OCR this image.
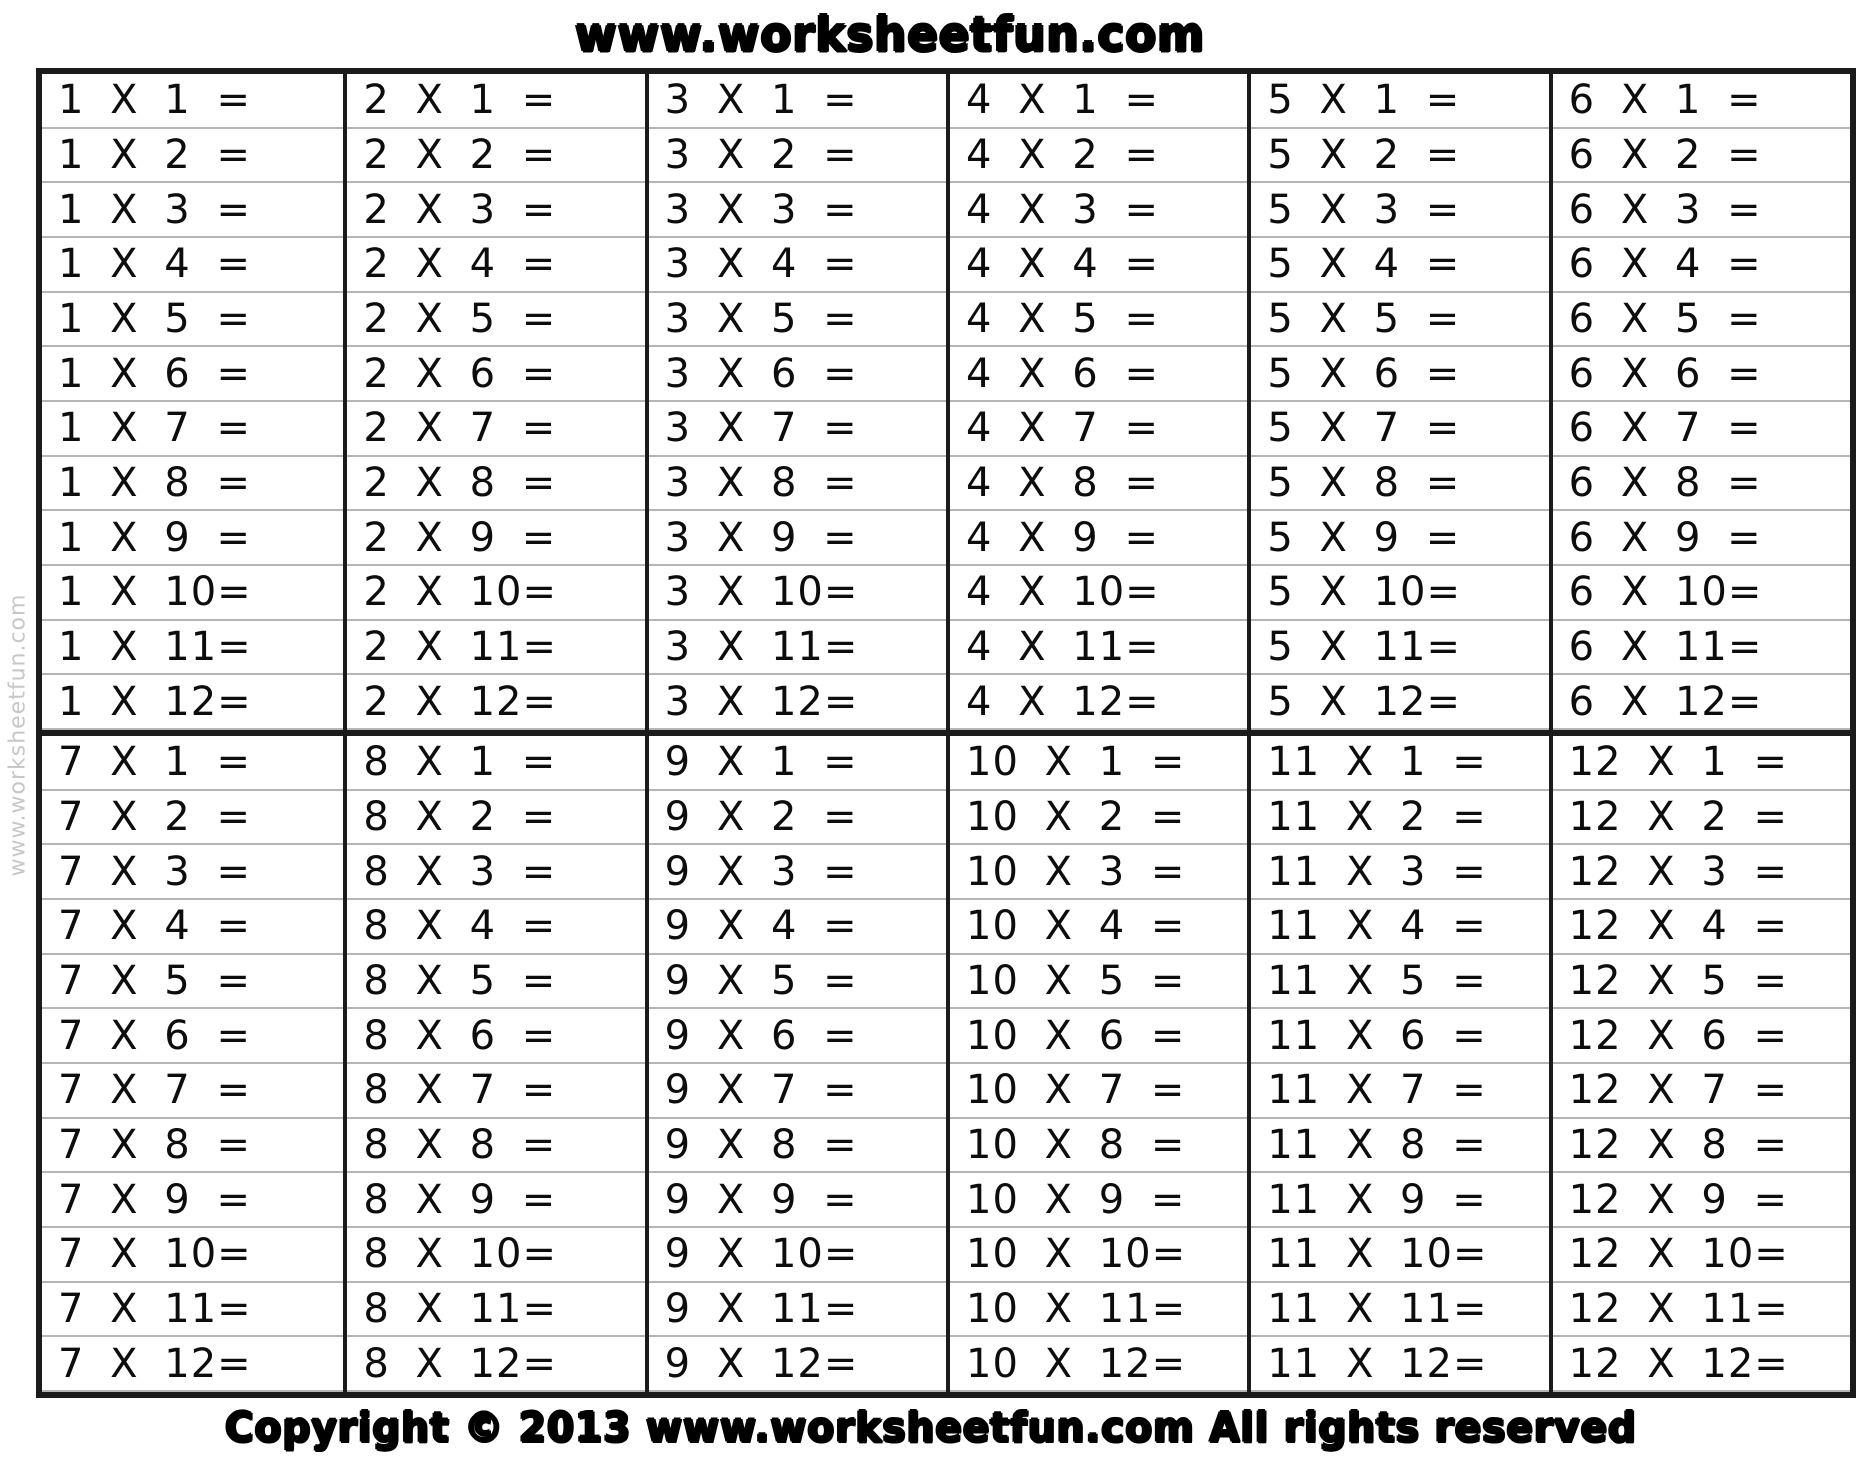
www.worksheetfun.com
www.worksheetfun.com
1 X 1 =
1 X 2 =
1 X 3 =
1 X 4 =
1 X 5 =
1 X 6 =
1 X 7 =
1 X 8 =
1 X 9 =
1 X 10=
1 X 11=
1 X 12=
2 X 1 =
2 X 2 =
2 X 3 =
2 X 4 =
2 X 5 =
2 X 6 =
2 X 7 =
2 X 8 =
2 X 9 =
2 X 10=
2 X 11=
2 X 12=
3 X 1 =
3 X 2 =
3 X 3 =
3 X 4 =
3 X 5 =
3 X 6 =
3 X 7 =
3 X 8 =
3 X 9 =
3 X 10=
3 X 11=
3 X 12=
4 X 1 =
4 X 2 =
4 X 3 =
4 X 4 =
4 X 5 =
4 X 6 =
4 X 7 =
4 X 8 =
4 X 9 =
4 X 10=
4 X 11=
4 X 12=
5 X 1 =
5 X 2 =
5 X 3 =
5 X 4 =
5 X 5 =
5 X 6 =
5 X 7 =
5 X 8 =
5 X 9 =
5 X 10=
5 X 11=
5 X 12=
6 X 1 =
6 X 2 =
6 X 3 =
6 X 4 =
6 X 5 =
6 X 6 =
6 X 7 =
6 X 8 =
6 X 9 =
6 X 10=
6 X 11=
6 X 12=
7 X 1 =
7 X 2 =
7 X 3 =
7 X 4 =
7 X 5 =
7 X 6 =
7 X 7 =
7 X 8 =
7 X 9 =
7 X 10=
7 X 11=
7 X 12=
8 X 1 =
8 X 2 =
8 X 3 =
8 X 4 =
8 X 5 =
8 X 6 =
8 X 7 =
8 X 8 =
8 X 9 =
8 X 10=
8 X 11=
8 X 12=
9 X 1 =
9 X 2 =
9 X 3 =
9 X 4 =
9 X 5 =
9 X 6 =
9 X 7 =
9 X 8 =
9 X 9 =
9 X 10=
9 X 11=
9 X 12=
10 X 1 =
10 X 2 =
10 X 3 =
10 X 4 =
10 X 5 =
10 X 6 =
10 X 7 =
10 X 8 =
10 X 9 =
10 X 10=
10 X 11=
10 X 12=
11 X 1 =
11 X 2 =
11 X 3 =
11 X 4 =
11 X 5 =
11 X 6 =
11 X 7 =
11 X 8 =
11 X 9 =
11 X 10=
11 X 11=
11 X 12=
12 X 1 =
12 X 2 =
12 X 3 =
12 X 4 =
12 X 5 =
12 X 6 =
12 X 7 =
12 X 8 =
12 X 9 =
12 X 10=
12 X 11=
12 X 12=
Copyright © 2013 www.worksheetfun.com All rights reserved
